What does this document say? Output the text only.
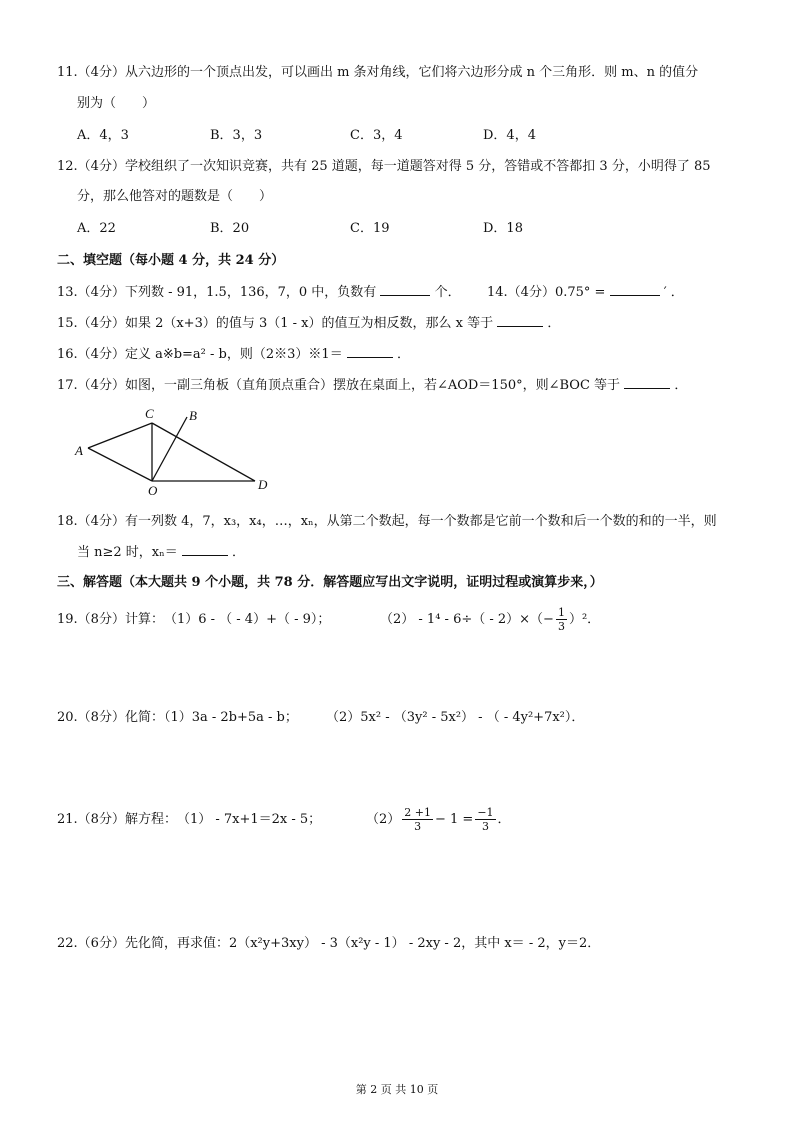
11.（4分）从六边形的一个顶点出发，可以画出 m 条对角线，它们将六边形分成 n 个三角形．则 m、n 的值分
别为（　　）
A．4，3	B．3，3	C．3，4	D．4，4
12.（4分）学校组织了一次知识竞赛，共有 25 道题，每一道题答对得 5 分，答错或不答都扣 3 分，小明得了 85
分，那么他答对的题数是（　　）
A．22	B．20	C．19	D．18
二、填空题（每小题 4 分，共 24 分）
13.（4分）下列数 - 91，1.5，136，7，0 中，负数有	个． 14.（4分）0.75° =	′ ．
15.（4分）如果 2（x+3）的值与 3（1 - x）的值互为相反数，那么 x 等于	．
16.（4分）定义 a※b=a² - b，则（2※3）※1＝	．
17.（4分）如图，一副三角板（直角顶点重合）摆放在桌面上，若∠AOD＝150°，则∠BOC 等于	．
C	B
A
O	D
18.（4分）有一列数 4，7，x₃，x₄，…，xₙ，从第二个数起，每一个数都是它前一个数和后一个数的和的一半，则
当 n≥2 时，xₙ＝	．
三、解答题（本大题共 9 个小题，共 78 分．解答题应写出文字说明，证明过程或演算步来，）
19.（8分）计算：　（1）6 - （ - 4）+（ - 9）；	$(2) - 1^4 - 6\div( - 2)\times(- \frac{1}{3} )^2$．
20.（8分）化简：（1）3a - 2b+5a - b； （2）5x² - （3y² - 5x²） - （ - 4y²+7x²）．
21.（8分）解方程：　（1） - 7x+1＝2x - 5；	$(2) \frac{2 +1}{3} - 1 = \frac{-1}{3}$ ．
22.（6分）先化简，再求值：2（x²y+3xy） - 3（x²y - 1） - 2xy - 2，其中 x＝ - 2，y＝2．
第 2 页 共 10 页
